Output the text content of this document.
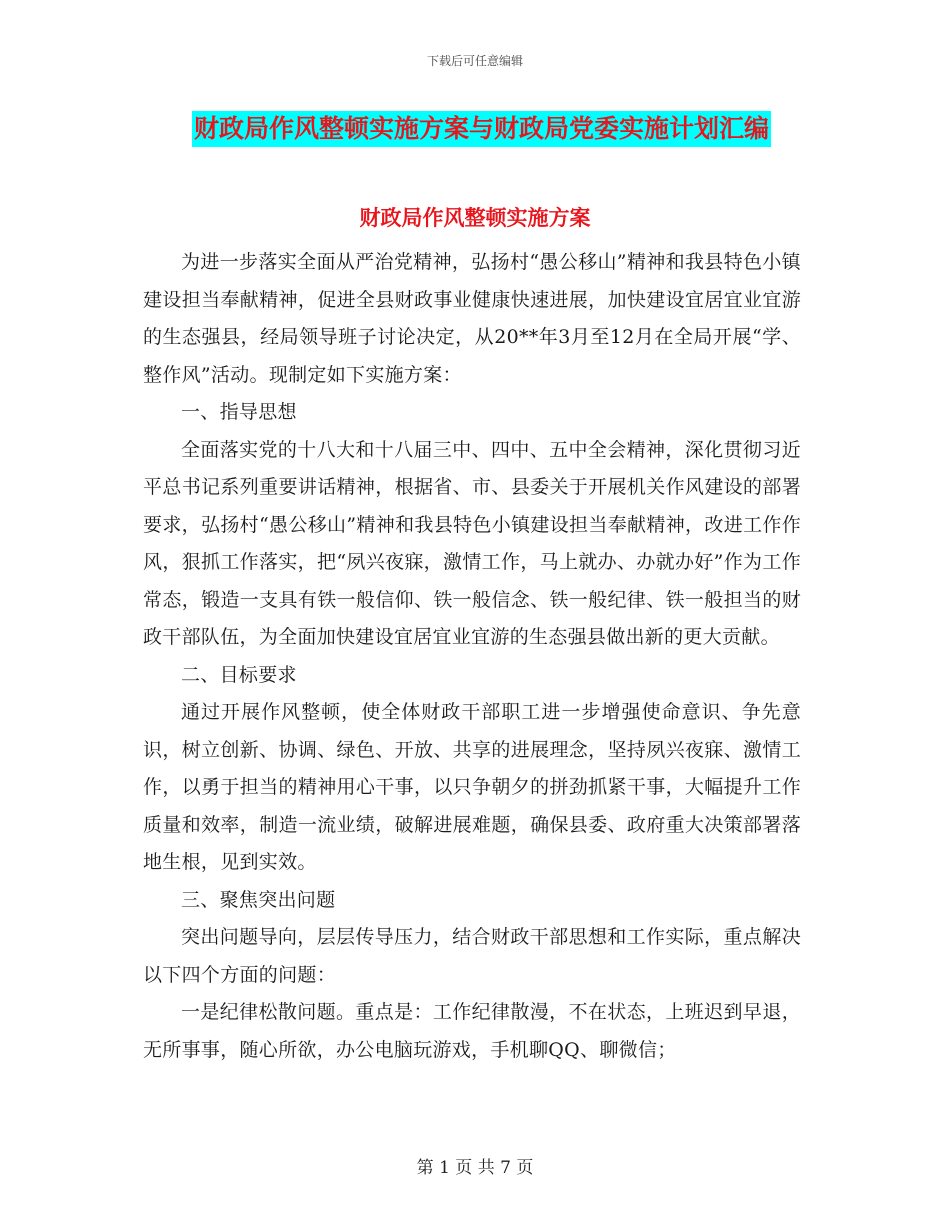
下载后可任意编辑
财政局作风整顿实施方案与财政局党委实施计划汇编
财政局作风整顿实施方案

为进一步落实全面从严治党精神，弘扬村“愚公移山”精神和我县特色小镇建设担当奉献精神，促进全县财政事业健康快速进展，加快建设宜居宜业宜游的生态强县，经局领导班子讨论决定，从20**年3月至12月在全局开展“学、整作风”活动。现制定如下实施方案：

一、指导思想

全面落实党的十八大和十八届三中、四中、五中全会精神，深化贯彻习近平总书记系列重要讲话精神，根据省、市、县委关于开展机关作风建设的部署要求，弘扬村“愚公移山”精神和我县特色小镇建设担当奉献精神，改进工作作风，狠抓工作落实，把“夙兴夜寐，激情工作，马上就办、办就办好”作为工作常态，锻造一支具有铁一般信仰、铁一般信念、铁一般纪律、铁一般担当的财政干部队伍，为全面加快建设宜居宜业宜游的生态强县做出新的更大贡献。

二、目标要求

通过开展作风整顿，使全体财政干部职工进一步增强使命意识、争先意识，树立创新、协调、绿色、开放、共享的进展理念，坚持夙兴夜寐、激情工作，以勇于担当的精神用心干事，以只争朝夕的拼劲抓紧干事，大幅提升工作质量和效率，制造一流业绩，破解进展难题，确保县委、政府重大决策部署落地生根，见到实效。

三、聚焦突出问题

突出问题导向，层层传导压力，结合财政干部思想和工作实际，重点解决以下四个方面的问题：

一是纪律松散问题。重点是：工作纪律散漫，不在状态，上班迟到早退，无所事事，随心所欲，办公电脑玩游戏，手机聊QQ、聊微信；

第 1 页 共 7 页
